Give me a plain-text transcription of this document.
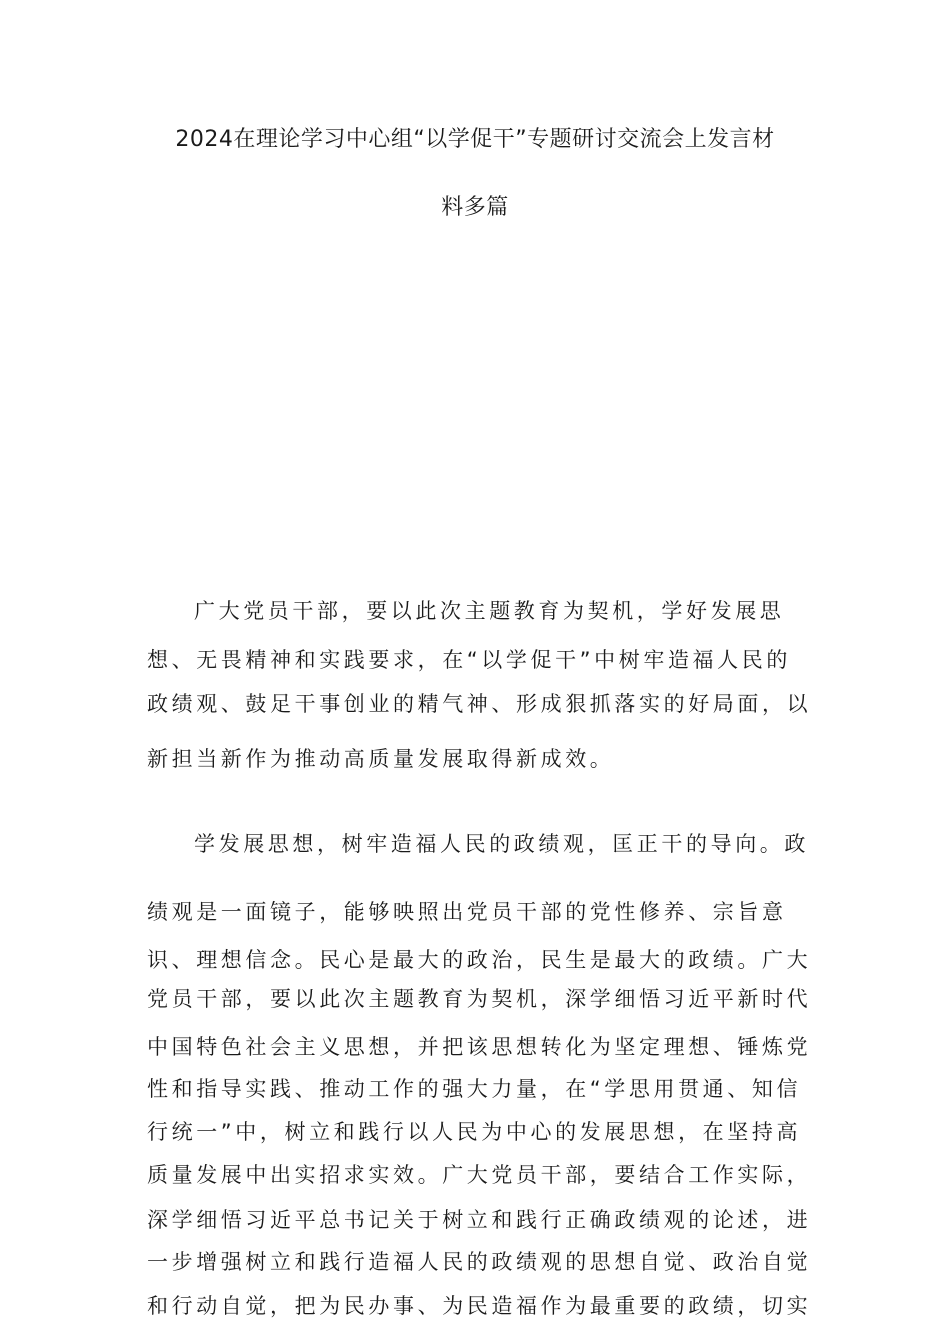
2024在理论学习中心组“以学促干”专题研讨交流会上发言材
料多篇
广大党员干部，要以此次主题教育为契机，学好发展思
想、无畏精神和实践要求，在“以学促干”中树牢造福人民的
政绩观、鼓足干事创业的精气神、形成狠抓落实的好局面，以
新担当新作为推动高质量发展取得新成效。
学发展思想，树牢造福人民的政绩观，匡正干的导向。政
绩观是一面镜子，能够映照出党员干部的党性修养、宗旨意
识、理想信念。民心是最大的政治，民生是最大的政绩。广大
党员干部，要以此次主题教育为契机，深学细悟习近平新时代
中国特色社会主义思想，并把该思想转化为坚定理想、锤炼党
性和指导实践、推动工作的强大力量，在“学思用贯通、知信
行统一”中，树立和践行以人民为中心的发展思想，在坚持高
质量发展中出实招求实效。广大党员干部，要结合工作实际，
深学细悟习近平总书记关于树立和践行正确政绩观的论述，进
一步增强树立和践行造福人民的政绩观的思想自觉、政治自觉
和行动自觉，把为民办事、为民造福作为最重要的政绩，切实
